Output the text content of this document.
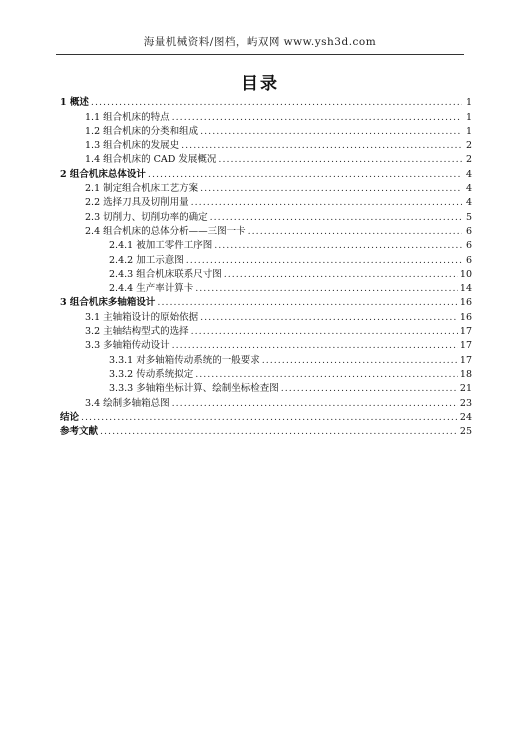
海量机械资料/图档，屿双网 www.ysh3d.com
目录
1 概述 .....	1
1.1 组合机床的特点 .....	1
1.2 组合机床的分类和组成 .....	1
1.3 组合机床的发展史 .....	2
1.4 组合机床的 CAD 发展概况 .....	2
2 组合机床总体设计 .....	4
2.1 制定组合机床工艺方案 .....	4
2.2 选择刀具及切削用量 .....	4
2.3 切削力、切削功率的确定 .....	5
2.4 组合机床的总体分析——三图一卡 .....	6
2.4.1 被加工零件工序图 .....	6
2.4.2 加工示意图 .....	6
2.4.3 组合机床联系尺寸图 .....	10
2.4.4 生产率计算卡 .....	14
3 组合机床多轴箱设计 .....	16
3.1 主轴箱设计的原始依据 .....	16
3.2 主轴结构型式的选择 .....	17
3.3 多轴箱传动设计 .....	17
3.3.1 对多轴箱传动系统的一般要求 .....	17
3.3.2 传动系统拟定 .....	18
3.3.3 多轴箱坐标计算、绘制坐标检查图 .....	21
3.4 绘制多轴箱总图 .....	23
结论 .....	24
参考文献 .....	25
